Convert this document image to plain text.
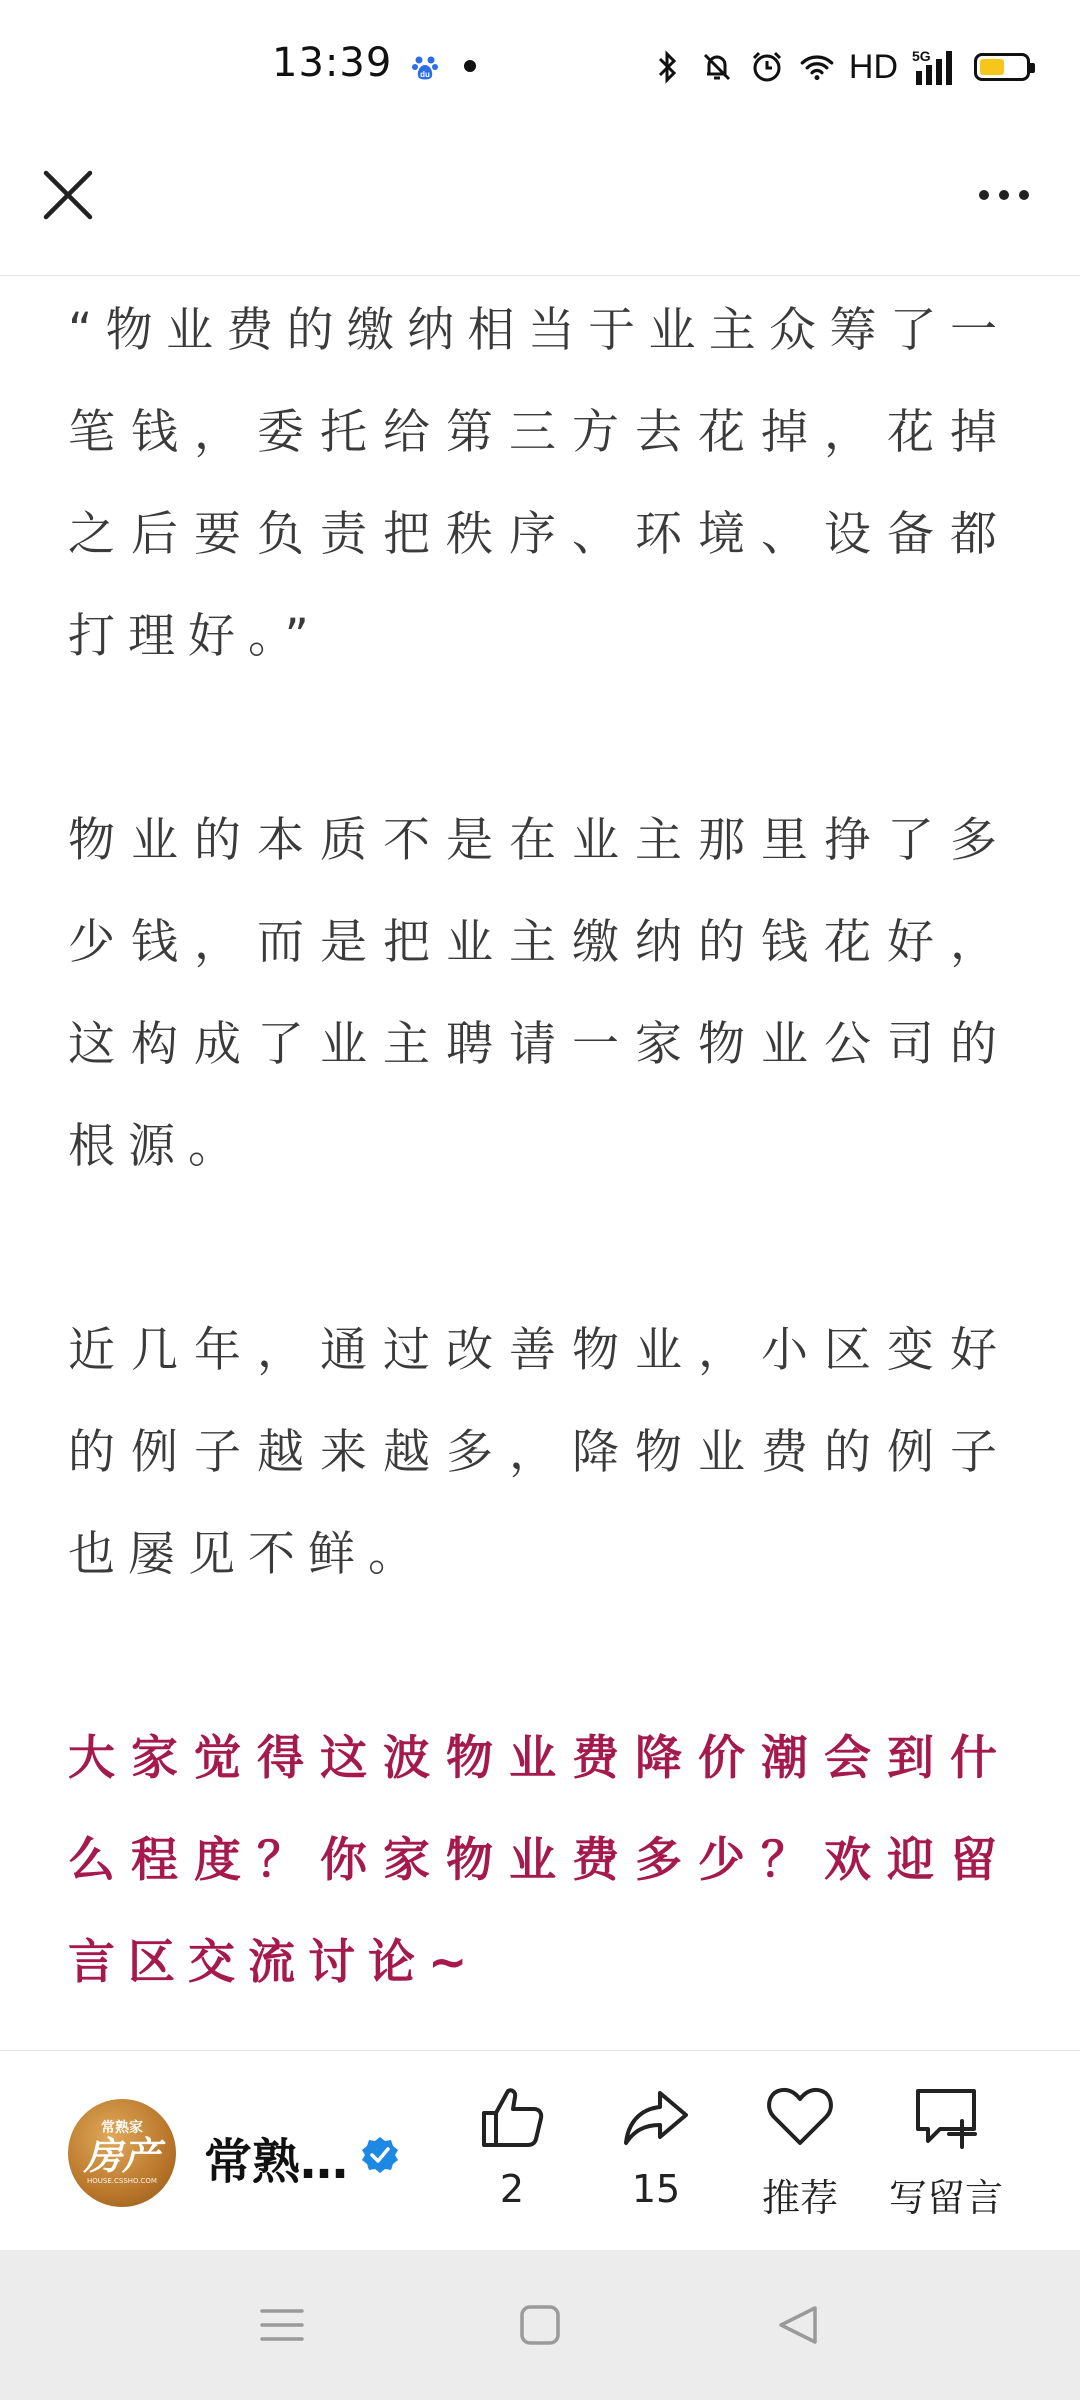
13:39	du	HD 5G

“物业费的缴纳相当于业主众筹了一笔钱，委托给第三方去花掉，花掉之后要负责把秩序、环境、设备都打理好。”

物业的本质不是在业主那里挣了多少钱，而是把业主缴纳的钱花好，这构成了业主聘请一家物业公司的根源。

近几年，通过改善物业，小区变好的例子越来越多，降物业费的例子也屡见不鲜。

大家觉得这波物业费降价潮会到什么程度？你家物业费多少？欢迎留言区交流讨论~

常熟家
房产
HOUSE.CSSHO.COM 常熟…	2	15 推荐 写留言
